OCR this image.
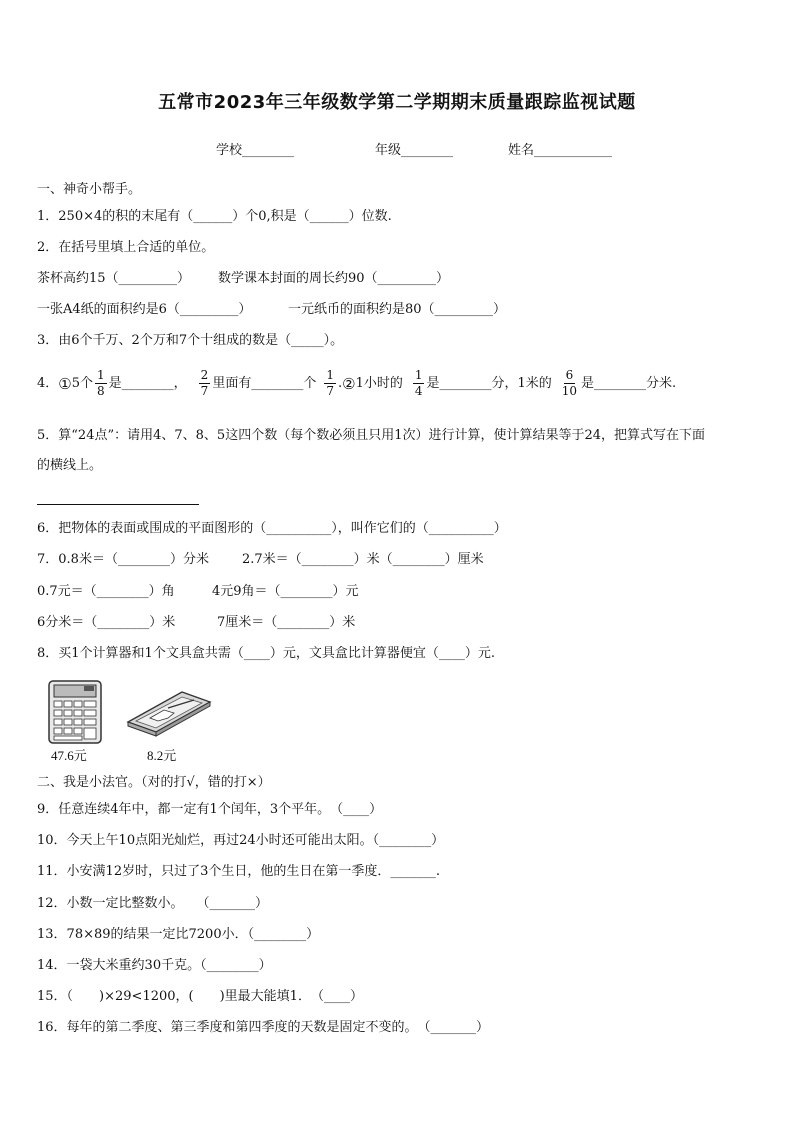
五常市2023年三年级数学第二学期期末质量跟踪监视试题
学校________	年级________	姓名____________
一、神奇小帮手。
1．250×4的积的末尾有（______）个0,积是（______）位数.
2．在括号里填上合适的单位。
茶杯高约15（_________） 数学课本封面的周长约90（_________）
一张A4纸的面积约是6（_________）	一元纸币的面积约是80（_________）
3．由6个千万、2个万和7个十组成的数是（_____）。
4． ① 5个 $\frac{1}{8}$ 是________， $\frac{2}{7}$ 里面有________个 $\frac{1}{7}$ . ② 1小时的 $\frac{1}{4}$ 是________分，1米的 $\frac{6}{10}$ 是________分米.
5．算“24点”：请用4、7、8、5这四个数（每个数必须且只用1次）进行计算，使计算结果等于24，把算式写在下面
的横线上。
6．把物体的表面或围成的平面图形的（__________），叫作它们的（__________）
7．0.8米＝（________）分米	2.7米＝（________）米（________）厘米
0.7元＝（________）角	4元9角＝（________）元
6分米＝（________）米	7厘米＝（________）米
8．买1个计算器和1个文具盒共需（____）元，文具盒比计算器便宜（____）元.
47.6元	8.2元
二、我是小法官。（对的打√，错的打×）
9．任意连续4年中，都一定有1个闰年，3个平年。　（____）
10．今天上午10点阳光灿烂，再过24小时还可能出太阳。（________）
11．小安满12岁时，只过了3个生日，他的生日在第一季度．_______.
12．小数一定比整数小。　　（_______）
13．78×89的结果一定比7200小．（________）
14．一袋大米重约30千克。（________）
15．（　　)×29<1200，(　　)里最大能填1．　（____）
16．每年的第二季度、第三季度和第四季度的天数是固定不变的。　（_______）
